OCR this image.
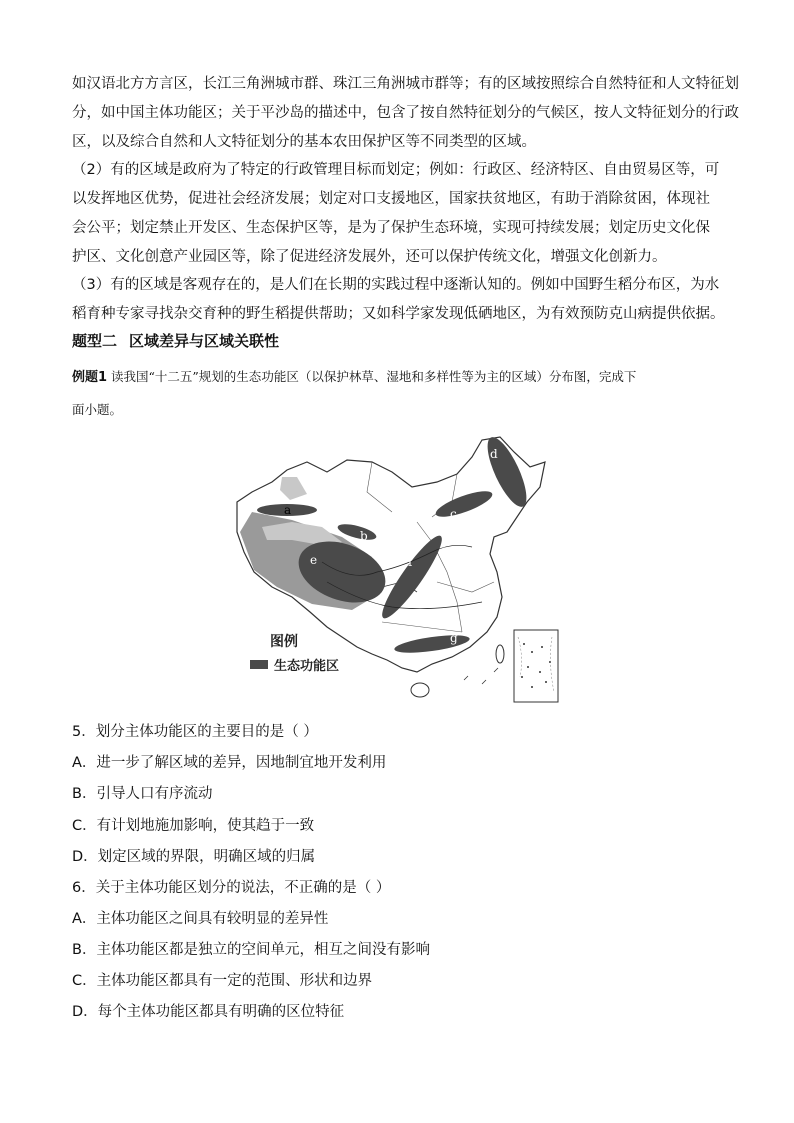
如汉语北方方言区，长江三角洲城市群、珠江三角洲城市群等；有的区域按照综合自然特征和人文特征划
分，如中国主体功能区；关于平沙岛的描述中，包含了按自然特征划分的气候区，按人文特征划分的行政
区，以及综合自然和人文特征划分的基本农田保护区等不同类型的区域。
（2）有的区域是政府为了特定的行政管理目标而划定；例如：行政区、经济特区、自由贸易区等，可
以发挥地区优势，促进社会经济发展；划定对口支援地区，国家扶贫地区，有助于消除贫困，体现社
会公平；划定禁止开发区、生态保护区等，是为了保护生态环境，实现可持续发展；划定历史文化保
护区、文化创意产业园区等，除了促进经济发展外，还可以保护传统文化，增强文化创新力。
（3）有的区域是客观存在的，是人们在长期的实践过程中逐渐认知的。例如中国野生稻分布区，为水
稻育种专家寻找杂交育种的野生稻提供帮助；又如科学家发现低硒地区，为有效预防克山病提供依据。
题型二 区域差异与区域关联性
例题1 读我国“十二五”规划的生态功能区（以保护林草、湿地和多样性等为主的区域）分布图，完成下
面小题。
a
b
c
d
e	f
g
图例
生态功能区
5．划分主体功能区的主要目的是（ ）
A．进一步了解区域的差异，因地制宜地开发利用
B．引导人口有序流动
C．有计划地施加影响，使其趋于一致
D．划定区域的界限，明确区域的归属
6．关于主体功能区划分的说法，不正确的是（ ）
A．主体功能区之间具有较明显的差异性
B．主体功能区都是独立的空间单元，相互之间没有影响
C．主体功能区都具有一定的范围、形状和边界
D．每个主体功能区都具有明确的区位特征
